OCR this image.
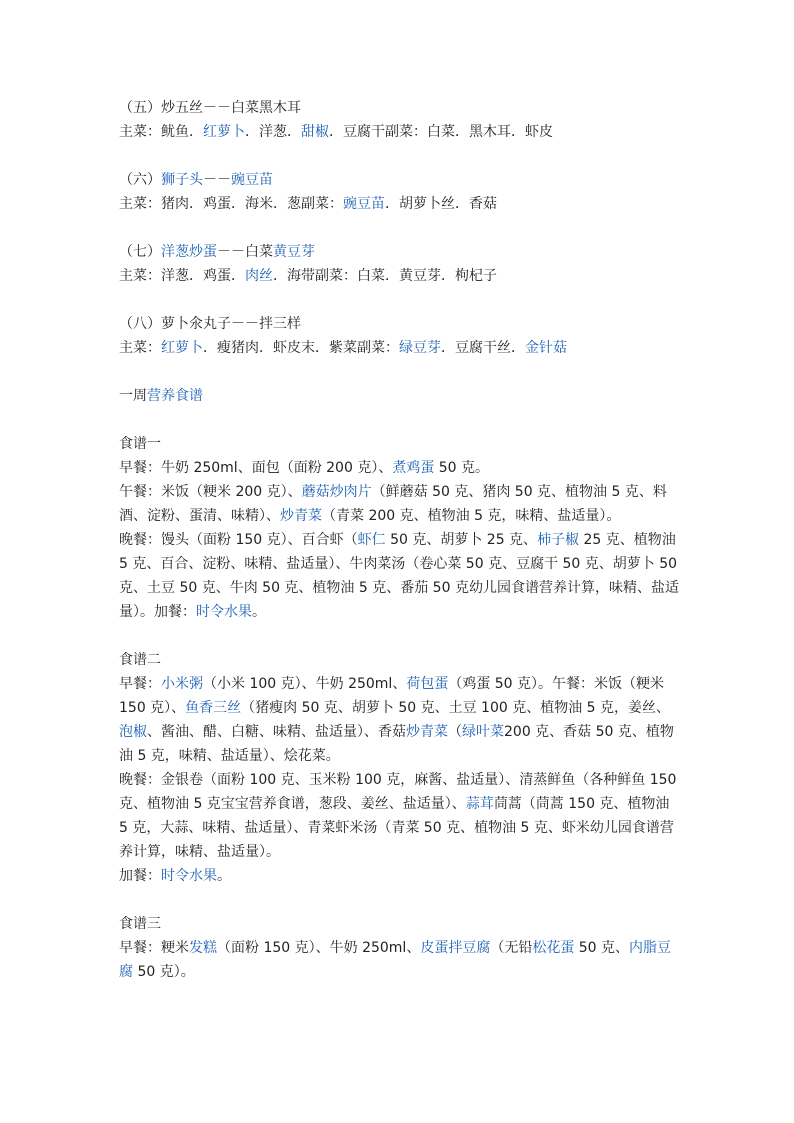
（五）炒五丝－－白菜黑木耳
主菜：鱿鱼．红萝卜．洋葱．甜椒．豆腐干副菜：白菜．黑木耳．虾皮
（六）狮子头－－豌豆苗
主菜：猪肉．鸡蛋．海米．葱副菜：豌豆苗．胡萝卜丝．香菇
（七）洋葱炒蛋－－白菜黄豆芽
主菜：洋葱．鸡蛋．肉丝．海带副菜：白菜．黄豆芽．枸杞子
（八）萝卜氽丸子－－拌三样
主菜：红萝卜．瘦猪肉．虾皮末．紫菜副菜：绿豆芽．豆腐干丝．金针菇
一周营养食谱
食谱一
早餐：牛奶 250ml、面包（面粉 200 克）、煮鸡蛋 50 克。
午餐：米饭（粳米 200 克）、蘑菇炒肉片（鲜蘑菇 50 克、猪肉 50 克、植物油 5 克、料酒、淀粉、蛋清、味精）、炒青菜（青菜 200 克、植物油 5 克，味精、盐适量）。
晚餐：馒头（面粉 150 克）、百合虾（虾仁 50 克、胡萝卜 25 克、柿子椒 25 克、植物油 5 克、百合、淀粉、味精、盐适量）、牛肉菜汤（卷心菜 50 克、豆腐干 50 克、胡萝卜 50 克、土豆 50 克、牛肉 50 克、植物油 5 克、番茄 50 克幼儿园食谱营养计算，味精、盐适量）。加餐：时令水果。
食谱二
早餐：小米粥（小米 100 克）、牛奶 250ml、荷包蛋（鸡蛋 50 克）。午餐：米饭（粳米 150 克）、鱼香三丝（猪瘦肉 50 克、胡萝卜 50 克、土豆 100 克、植物油 5 克，姜丝、泡椒、酱油、醋、白糖、味精、盐适量）、香菇炒青菜（绿叶菜200 克、香菇 50 克、植物油 5 克，味精、盐适量）、烩花菜。
晚餐：金银卷（面粉 100 克、玉米粉 100 克，麻酱、盐适量）、清蒸鲜鱼（各种鲜鱼 150 克、植物油 5 克宝宝营养食谱，葱段、姜丝、盐适量）、蒜茸茼蒿（茼蒿 150 克、植物油 5 克，大蒜、味精、盐适量）、青菜虾米汤（青菜 50 克、植物油 5 克、虾米幼儿园食谱营养计算，味精、盐适量）。
加餐：时令水果。
食谱三
早餐：粳米发糕（面粉 150 克）、牛奶 250ml、皮蛋拌豆腐（无铅松花蛋 50 克、内脂豆腐 50 克）。
